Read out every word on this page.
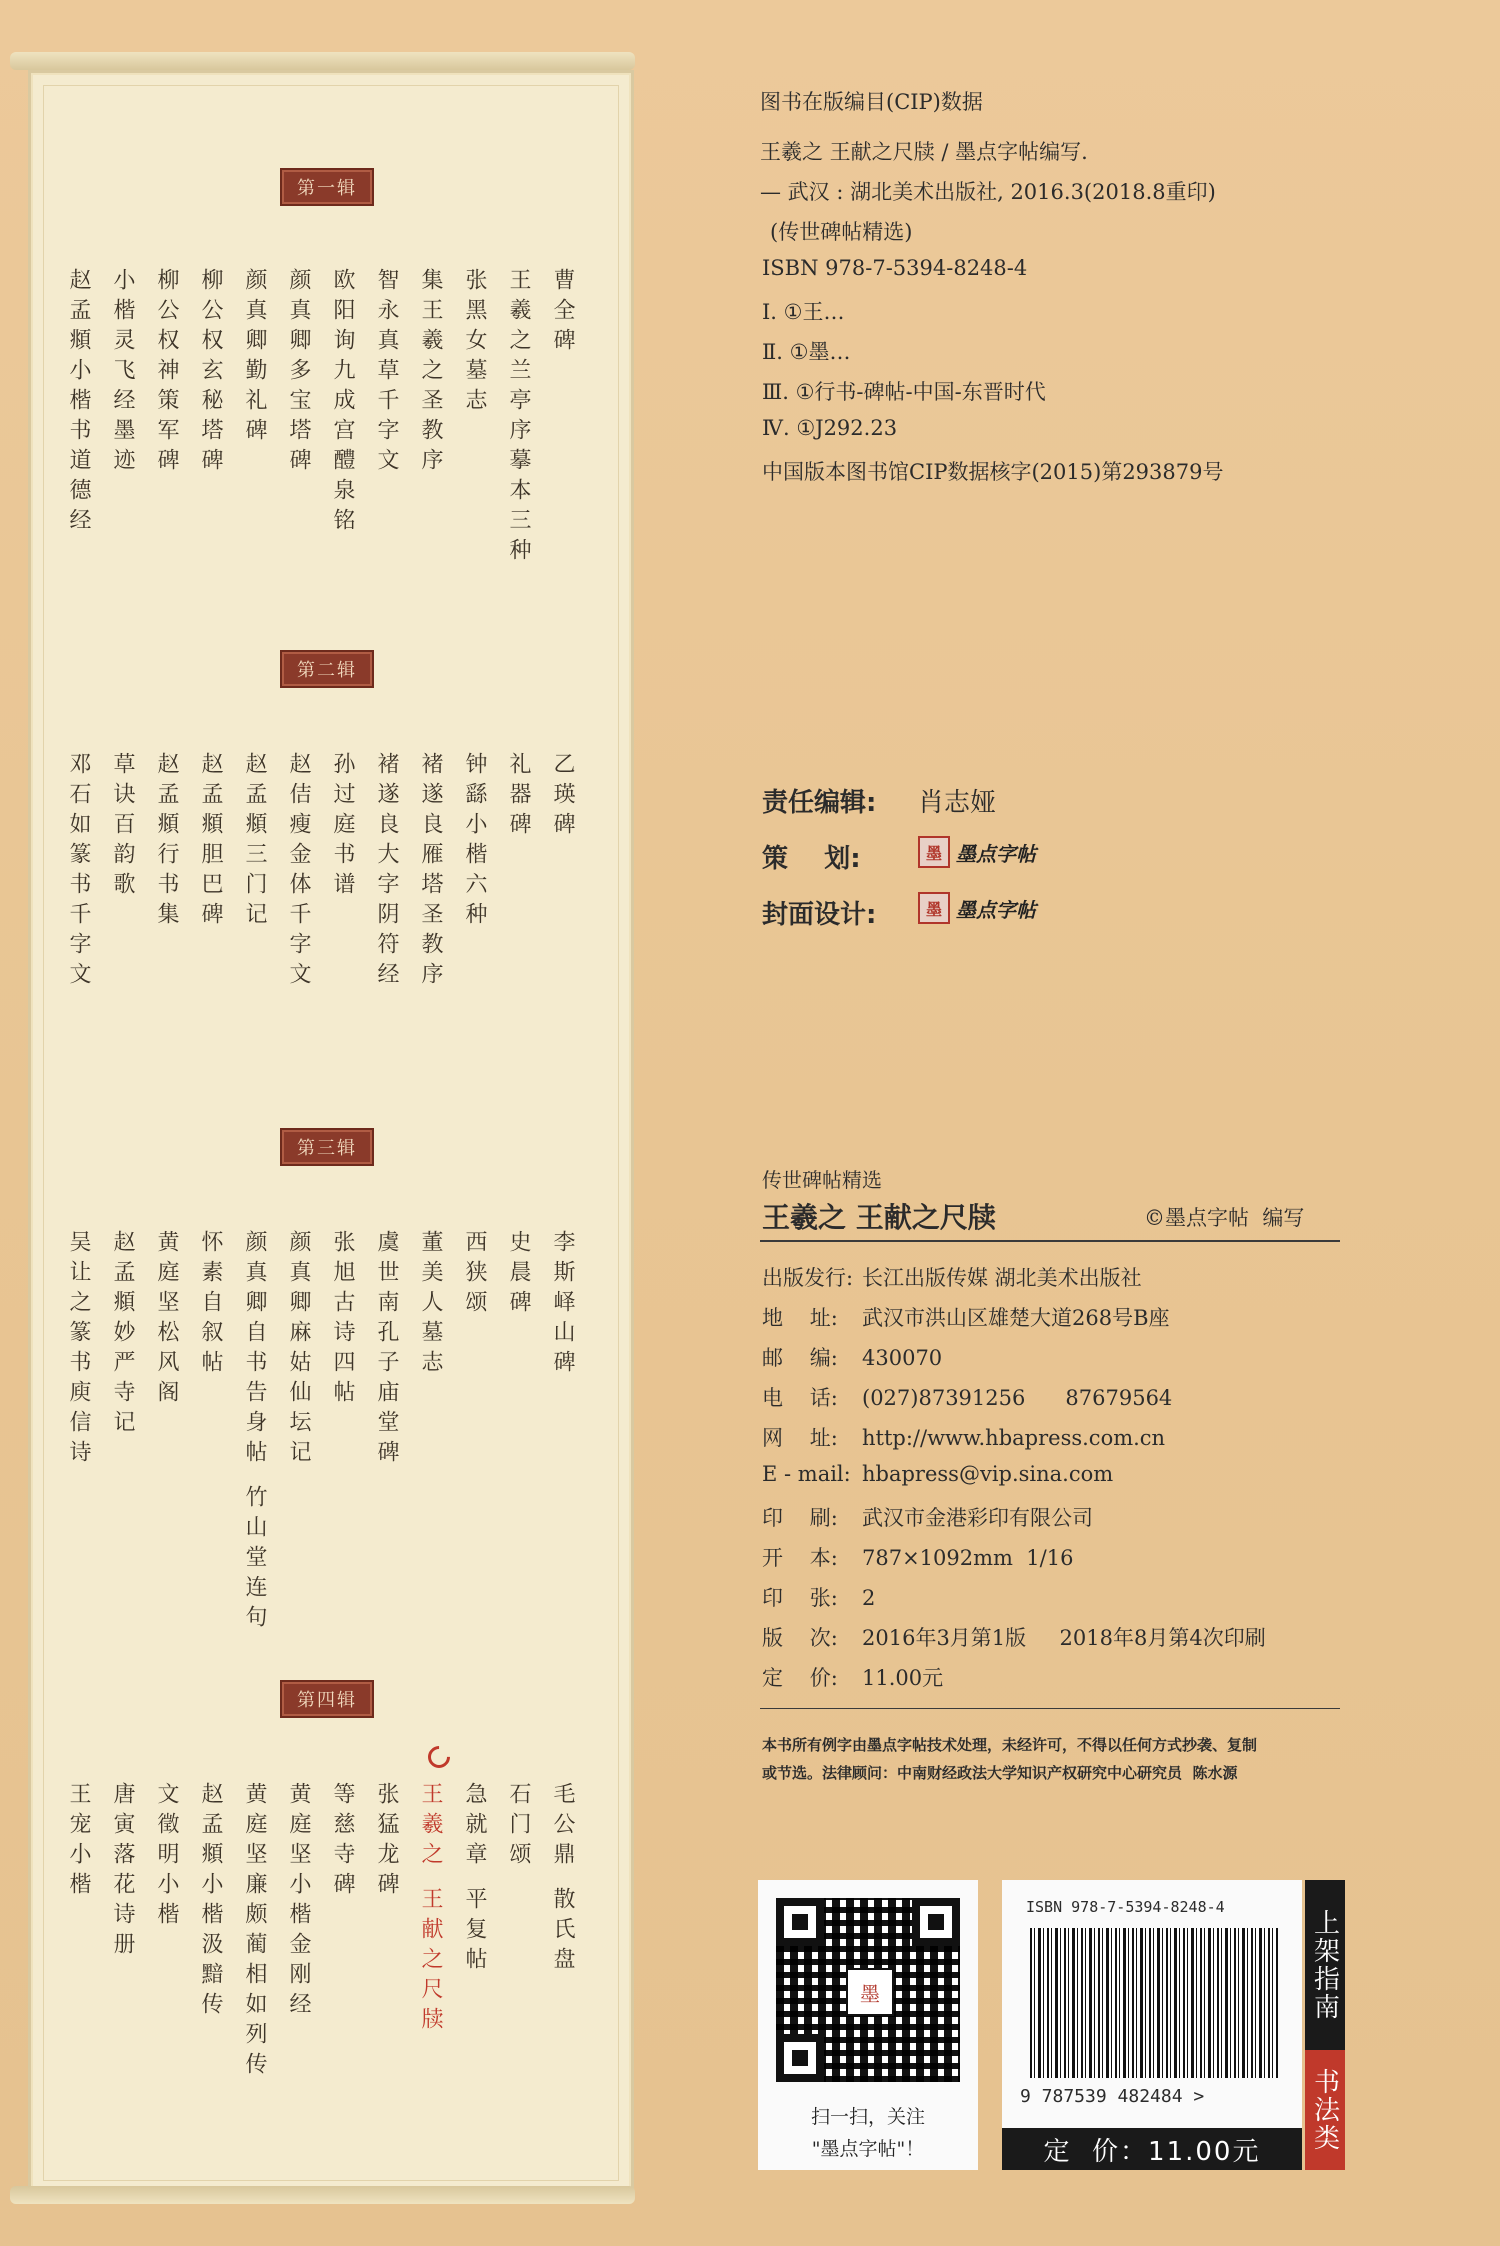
第一辑
第二辑
第三辑
第四辑
曹全碑
王羲之兰亭序摹本三种
张黑女墓志
集王羲之圣教序
智永真草千字文
欧阳询九成宫醴泉铭
颜真卿多宝塔碑
颜真卿勤礼碑
柳公权玄秘塔碑
柳公权神策军碑
小楷灵飞经墨迹
赵孟頫小楷书道德经
乙瑛碑
礼器碑
钟繇小楷六种
褚遂良雁塔圣教序
褚遂良大字阴符经
孙过庭书谱
赵佶瘦金体千字文
赵孟頫三门记
赵孟頫胆巴碑
赵孟頫行书集
草诀百韵歌
邓石如篆书千字文
李斯峄山碑
史晨碑
西狭颂
董美人墓志
虞世南孔子庙堂碑
张旭古诗四帖
颜真卿麻姑仙坛记
颜真卿自书告身帖 竹山堂连句
怀素自叙帖
黄庭坚松风阁
赵孟頫妙严寺记
吴让之篆书庾信诗
毛公鼎 散氏盘
石门颂
急就章 平复帖
王羲之 王献之尺牍
张猛龙碑
等慈寺碑
黄庭坚小楷金刚经
黄庭坚廉颇蔺相如列传
赵孟頫小楷汲黯传
文徵明小楷
唐寅落花诗册
王宠小楷
图书在版编目(CIP)数据
王羲之 王献之尺牍 / 墨点字帖编写.
— 武汉 : 湖北美术出版社, 2016.3(2018.8重印)
(传世碑帖精选)
ISBN 978-7-5394-8248-4
Ⅰ. ①王…
Ⅱ. ①墨…
Ⅲ. ①行书-碑帖-中国-东晋时代
Ⅳ. ①J292.23
中国版本图书馆CIP数据核字(2015)第293879号
责任编辑: 肖志娅
策    划:	墨 墨点字帖
封面设计:	墨 墨点字帖
传世碑帖精选
王羲之 王献之尺牍	©墨点字帖  编写
出版发行: 长江出版传媒 湖北美术出版社
地    址: 武汉市洪山区雄楚大道268号B座
邮    编: 430070
电    话: (027)87391256      87679564
网    址: http://www.hbapress.com.cn
E - mail: hbapress@vip.sina.com
印    刷: 武汉市金港彩印有限公司
开    本: 787×1092mm  1/16
印    张: 2
版    次: 2016年3月第1版     2018年8月第4次印刷
定    价: 11.00元
本书所有例字由墨点字帖技术处理，未经许可，不得以任何方式抄袭、复制
或节选。法律顾问：中南财经政法大学知识产权研究中心研究员  陈水源
墨
扫一扫，关注
"墨点字帖"！
ISBN 978-7-5394-8248-4
9 787539 482484 >
定  价：11.00元
上架指南
书法类
